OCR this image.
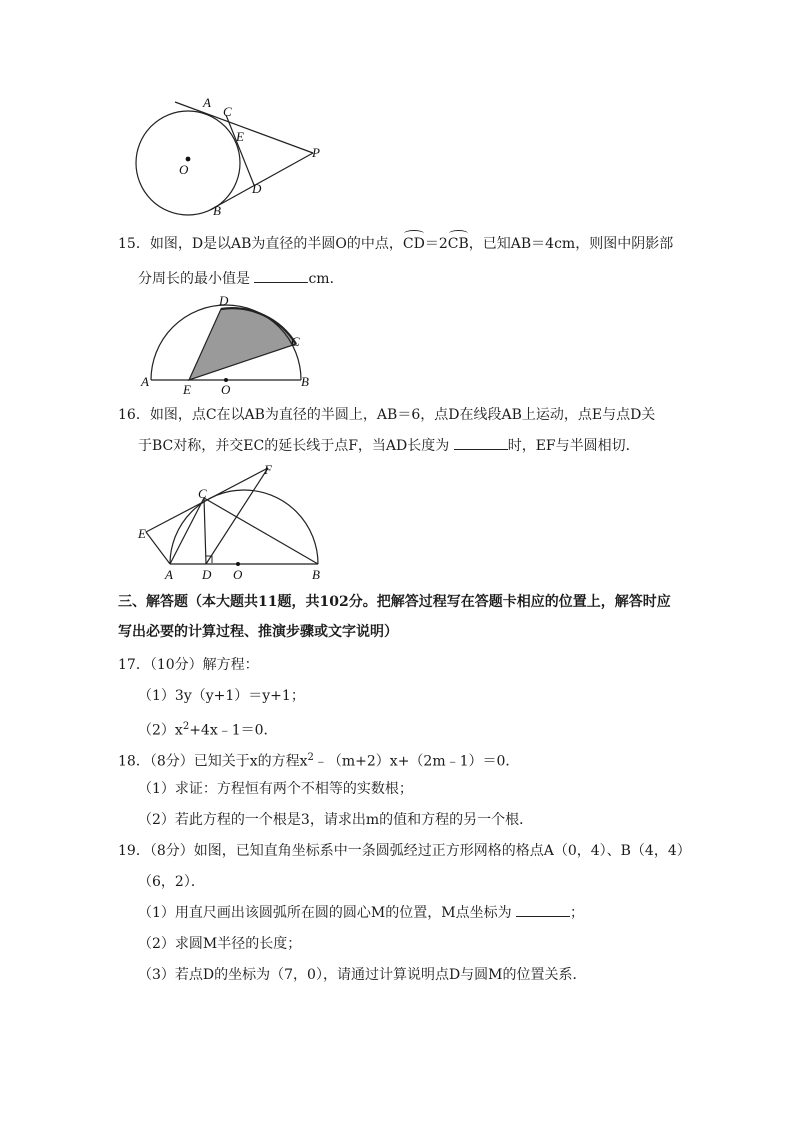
A
C
E
P
O
D
B
15．如图，D是以AB为直径的半圆O的中点，CD＝2CB，已知AB＝4cm，则图中阴影部
分周长的最小值是	cm．
D
C
A
E O
B
16．如图，点C在以AB为直径的半圆上，AB＝6，点D在线段AB上运动，点E与点D关
于BC对称，并交EC的延长线于点F，当AD长度为	时，EF与半圆相切．
F
C
E
A D O	B
三、解答题（本大题共11题，共102分。把解答过程写在答题卡相应的位置上，解答时应
写出必要的计算过程、推演步骤或文字说明）
17．（10分）解方程：
（1）3y（y+1）＝y+1；
$(2)x^2+4x﹣1=0$．
18．（8分）已知关于x的方程$x^2﹣(m+2)x+(2m﹣1)=0$．
（1）求证：方程恒有两个不相等的实数根；
（2）若此方程的一个根是3，请求出m的值和方程的另一个根．
19．（8分）如图，已知直角坐标系中一条圆弧经过正方形网格的格点A（0，4）、B（4，4）
（6，2）．
（1）用直尺画出该圆弧所在圆的圆心M的位置，M点坐标为	；
（2）求圆M半径的长度；
（3）若点D的坐标为（7，0），请通过计算说明点D与圆M的位置关系．
